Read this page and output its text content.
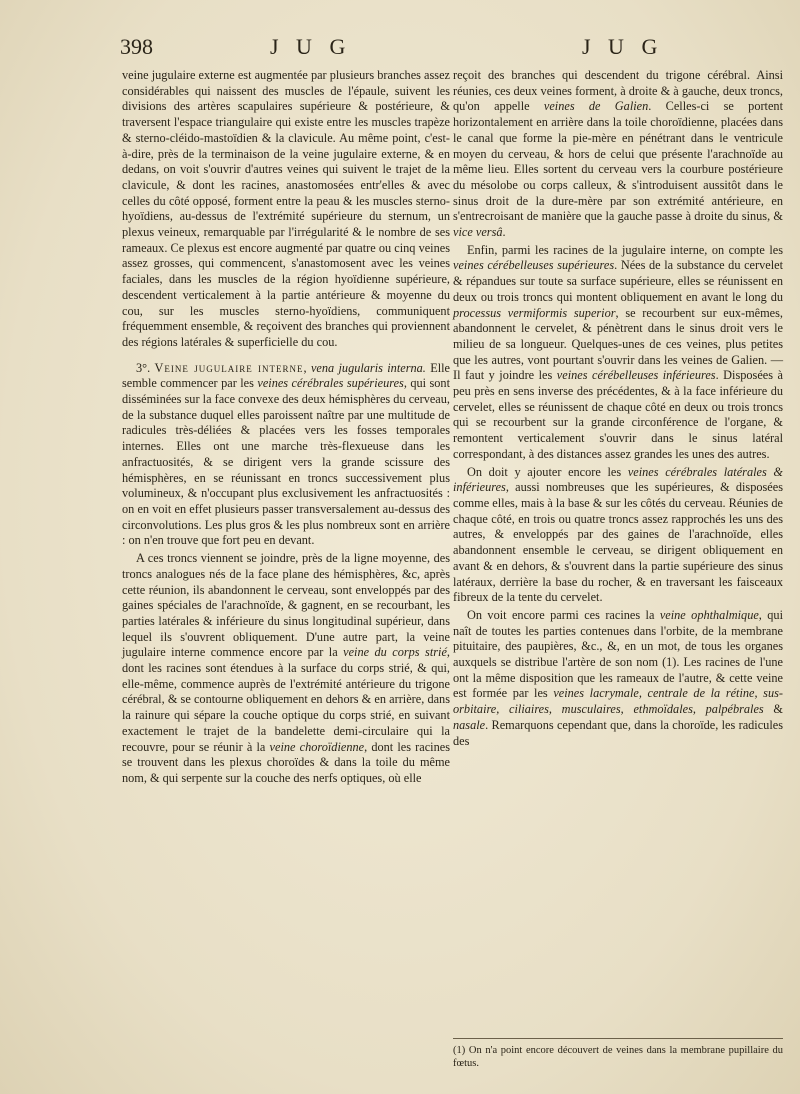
398	J U G	J U G

veine jugulaire externe est augmentée par plusieurs branches assez considérables qui naissent des muscles de l'épaule, suivent les divisions des artères scapulaires supérieure & postérieure, & traversent l'espace triangulaire qui existe entre les muscles trapèze & sterno-cléido-mastoïdien & la clavicule. Au même point, c'est-à-dire, près de la terminaison de la veine jugulaire externe, & en dedans, on voit s'ouvrir d'autres veines qui suivent le trajet de la clavicule, & dont les racines, anastomosées entr'elles & avec celles du côté opposé, forment entre la peau & les muscles sterno-hyoïdiens, au-dessus de l'extrémité supérieure du sternum, un plexus veineux, remarquable par l'irrégularité & le nombre de ses rameaux. Ce plexus est encore augmenté par quatre ou cinq veines assez grosses, qui commencent, s'anastomosent avec les veines faciales, dans les muscles de la région hyoïdienne supérieure, descendent verticalement à la partie antérieure & moyenne du cou, sur les muscles sterno-hyoïdiens, communiquent fréquemment ensemble, & reçoivent des branches qui proviennent des régions latérales & superficielle du cou.

3°. Veine jugulaire interne, vena jugularis interna. Elle semble commencer par les veines cérébrales supérieures, qui sont disséminées sur la face convexe des deux hémisphères du cerveau, de la substance duquel elles paroissent naître par une multitude de radicules très-déliées & placées vers les fosses temporales internes. Elles ont une marche très-flexueuse dans les anfractuosités, & se dirigent vers la grande scissure des hémisphères, en se réunissant en troncs successivement plus volumineux, & n'occupant plus exclusivement les anfractuosités : on en voit en effet plusieurs passer transversalement au-dessus des circonvolutions. Les plus gros & les plus nombreux sont en arrière : on n'en trouve que fort peu en devant.

A ces troncs viennent se joindre, près de la ligne moyenne, des troncs analogues nés de la face plane des hémisphères, &c, après cette réunion, ils abandonnent le cerveau, sont enveloppés par des gaines spéciales de l'arachnoïde, & gagnent, en se recourbant, les parties latérales & inférieure du sinus longitudinal supérieur, dans lequel ils s'ouvrent obliquement. D'une autre part, la veine jugulaire interne commence encore par la veine du corps strié, dont les racines sont étendues à la surface du corps strié, & qui, elle-même, commence auprès de l'extrémité antérieure du trigone cérébral, & se contourne obliquement en dehors & en arrière, dans la rainure qui sépare la couche optique du corps strié, en suivant exactement le trajet de la bandelette demi-circulaire qui la recouvre, pour se réunir à la veine choroïdienne, dont les racines se trouvent dans les plexus choroïdes & dans la toile du même nom, & qui serpente sur la couche des nerfs optiques, où elle

reçoit des branches qui descendent du trigone cérébral. Ainsi réunies, ces deux veines forment, à droite & à gauche, deux troncs, qu'on appelle veines de Galien. Celles-ci se portent horizontalement en arrière dans la toile choroïdienne, placées dans le canal que forme la pie-mère en pénétrant dans le ventricule moyen du cerveau, & hors de celui que présente l'arachnoïde au même lieu. Elles sortent du cerveau vers la courbure postérieure du mésolobe ou corps calleux, & s'introduisent aussitôt dans le sinus droit de la dure-mère par son extrémité antérieure, en s'entrecroisant de manière que la gauche passe à droite du sinus, & vice versâ.

Enfin, parmi les racines de la jugulaire interne, on compte les veines cérébelleuses supérieures. Nées de la substance du cervelet & répandues sur toute sa surface supérieure, elles se réunissent en deux ou trois troncs qui montent obliquement en avant le long du processus vermiformis superior, se recourbent sur eux-mêmes, abandonnent le cervelet, & pénètrent dans le sinus droit vers le milieu de sa longueur. Quelques-unes de ces veines, plus petites que les autres, vont pourtant s'ouvrir dans les veines de Galien. — Il faut y joindre les veines cérébelleuses inférieures. Disposées à peu près en sens inverse des précédentes, & à la face inférieure du cervelet, elles se réunissent de chaque côté en deux ou trois troncs qui se recourbent sur la grande circonférence de l'organe, & remontent verticalement s'ouvrir dans le sinus latéral correspondant, à des distances assez grandes les unes des autres.

On doit y ajouter encore les veines cérébrales latérales & inférieures, aussi nombreuses que les supérieures, & disposées comme elles, mais à la base & sur les côtés du cerveau. Réunies de chaque côté, en trois ou quatre troncs assez rapprochés les uns des autres, & enveloppés par des gaines de l'arachnoïde, elles abandonnent ensemble le cerveau, se dirigent obliquement en avant & en dehors, & s'ouvrent dans la partie supérieure des sinus latéraux, derrière la base du rocher, & en traversant les faisceaux fibreux de la tente du cervelet.

On voit encore parmi ces racines la veine ophthalmique, qui naît de toutes les parties contenues dans l'orbite, de la membrane pituitaire, des paupières, &c., &, en un mot, de tous les organes auxquels se distribue l'artère de son nom (1). Les racines de l'une ont la même disposition que les rameaux de l'autre, & cette veine est formée par les veines lacrymale, centrale de la rétine, sus-orbitaire, ciliaires, musculaires, ethmoïdales, palpébrales & nasale. Remarquons cependant que, dans la choroïde, les radicules des

(1) On n'a point encore découvert de veines dans la membrane pupillaire du fœtus.
